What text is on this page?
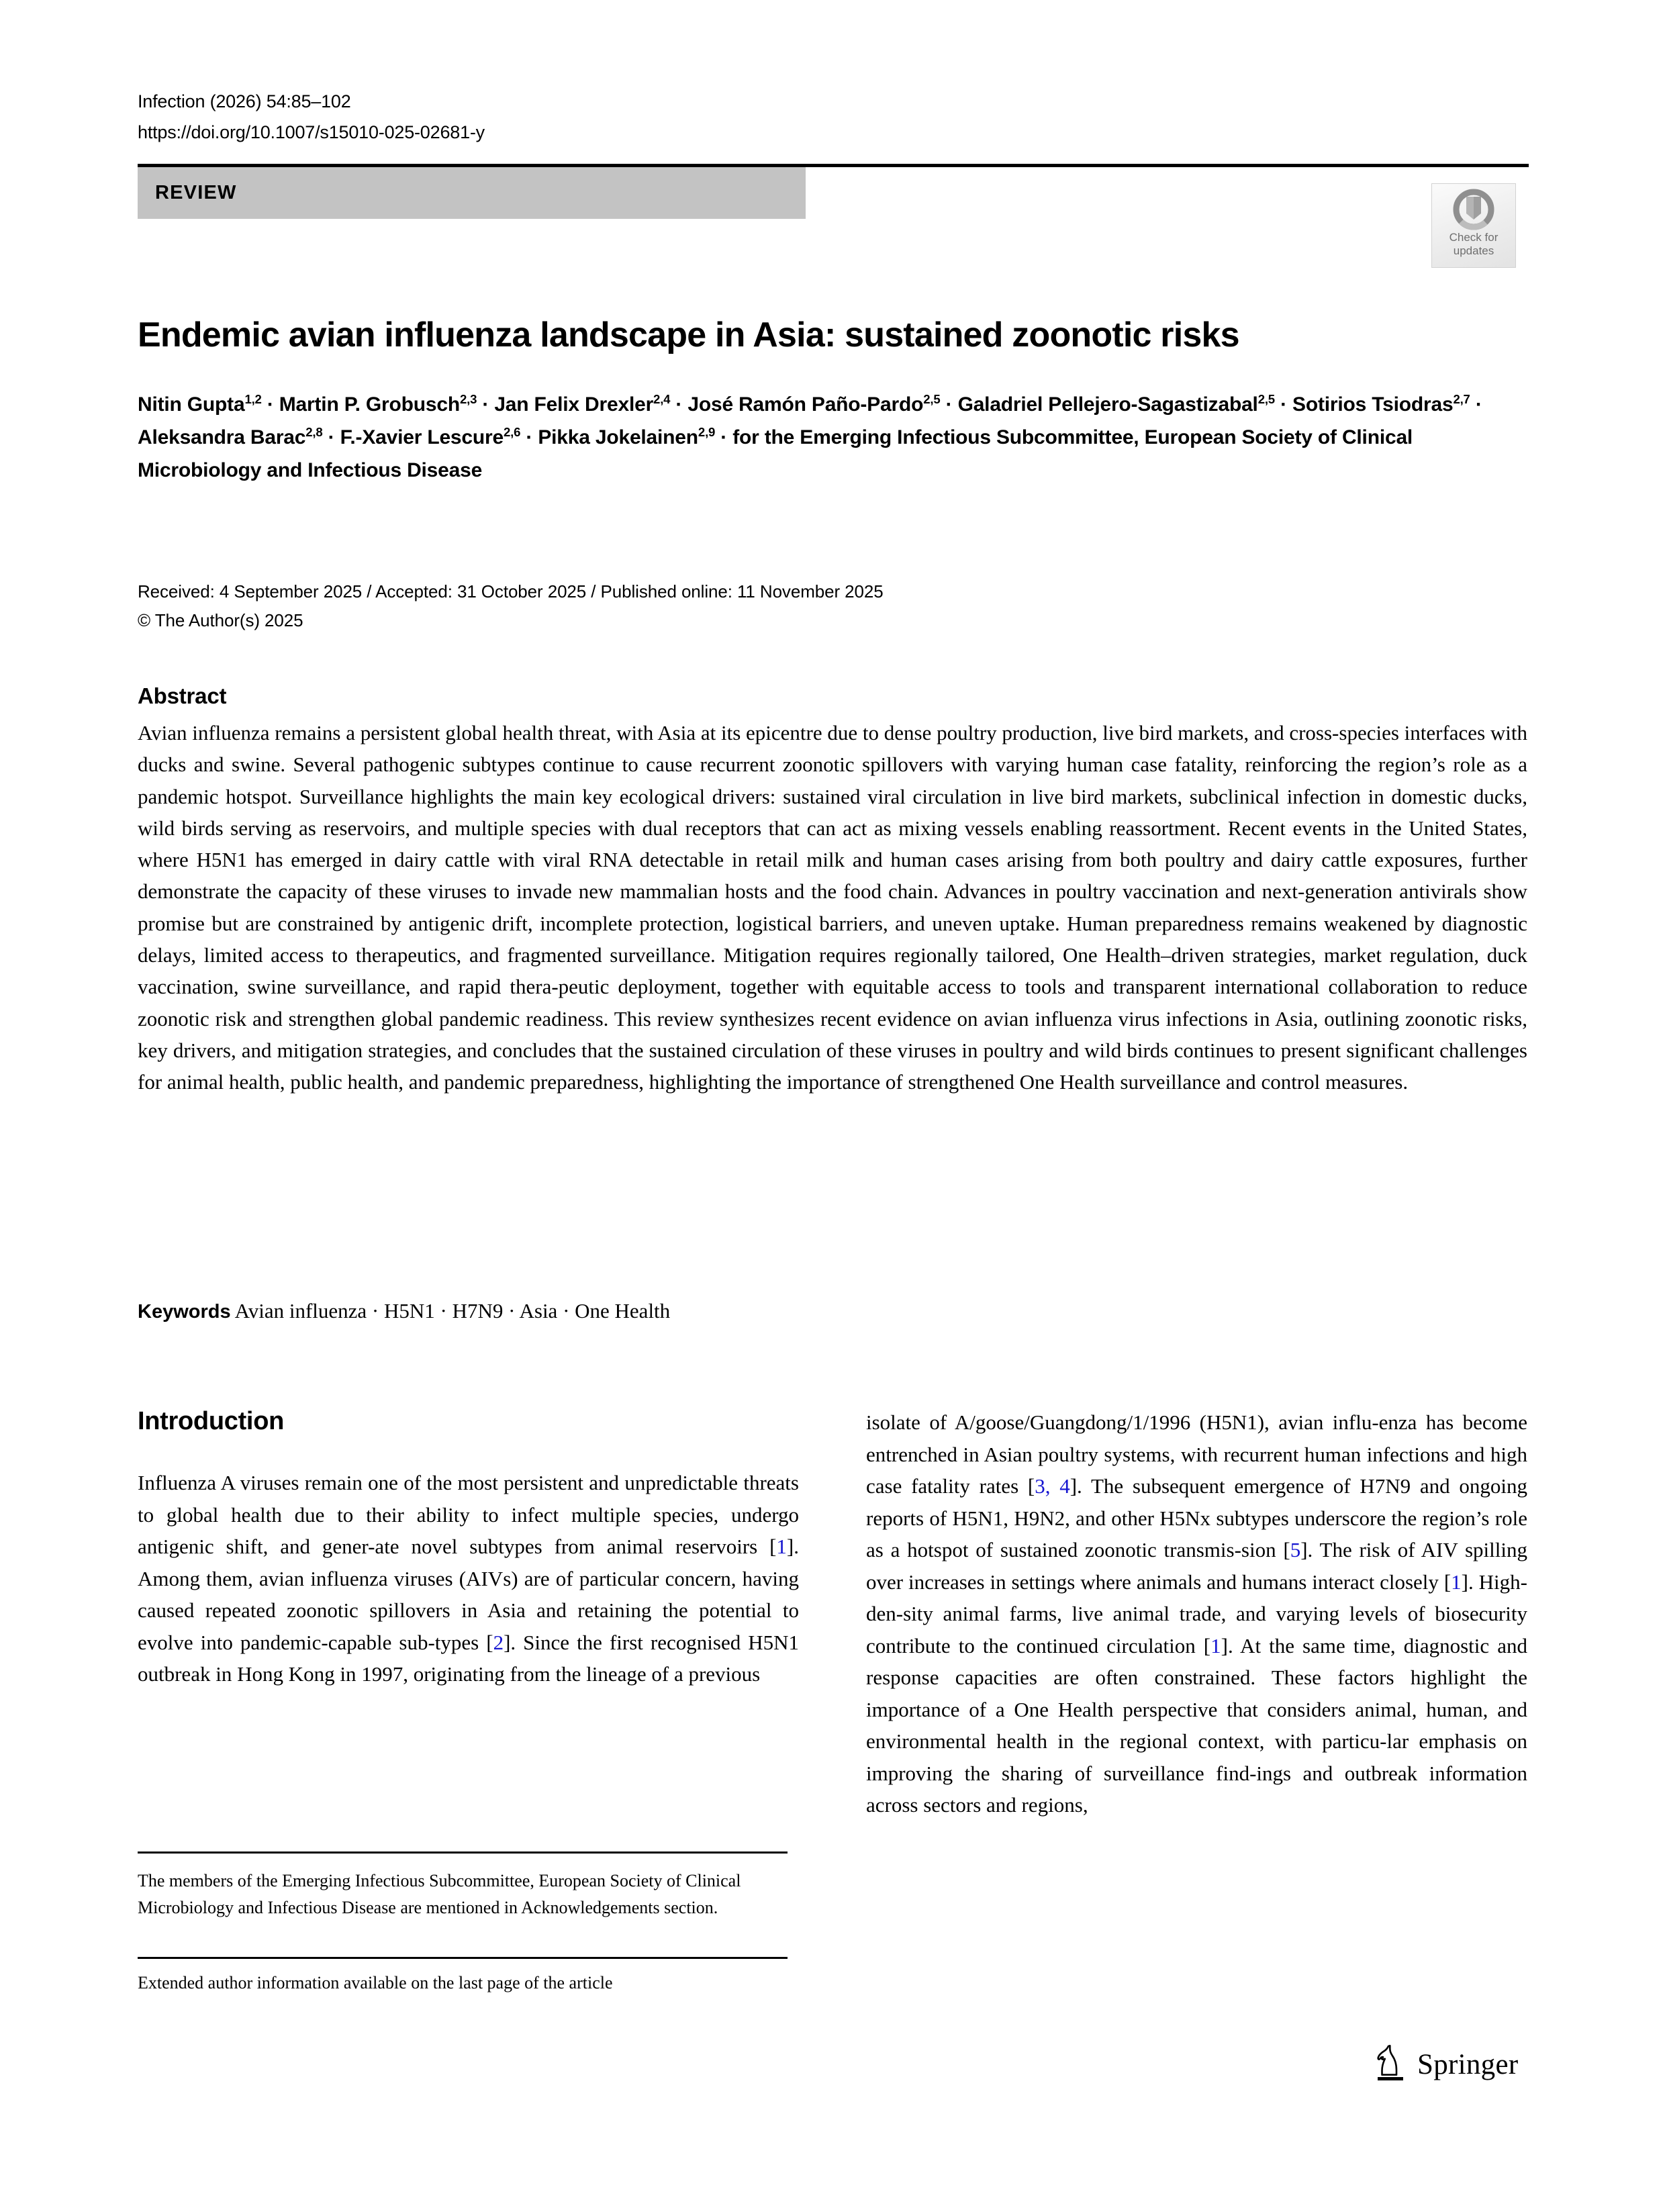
Infection (2026) 54:85–102
https://doi.org/10.1007/s15010-025-02681-y
REVIEW
Check for
updates
Endemic avian influenza landscape in Asia: sustained zoonotic risks
Nitin Gupta$^{1,2}$ · Martin P. Grobusch$^{2,3}$ · Jan Felix Drexler$^{2,4}$ · José Ramón Paño-Pardo$^{2,5}$ · Galadriel Pellejero-Sagastizabal$^{2,5}$ · Sotirios Tsiodras$^{2,7}$ · Aleksandra Barac$^{2,8}$ · F.-Xavier Lescure$^{2,6}$ · Pikka Jokelainen$^{2,9}$ · for the Emerging Infectious Subcommittee, European Society of Clinical Microbiology and Infectious Disease
Received: 4 September 2025 / Accepted: 31 October 2025 / Published online: 11 November 2025
© The Author(s) 2025
Abstract
Avian influenza remains a persistent global health threat, with Asia at its epicentre due to dense poultry production, live bird markets, and cross-species interfaces with ducks and swine. Several pathogenic subtypes continue to cause recurrent zoonotic spillovers with varying human case fatality, reinforcing the region’s role as a pandemic hotspot. Surveillance highlights the main key ecological drivers: sustained viral circulation in live bird markets, subclinical infection in domestic ducks, wild birds serving as reservoirs, and multiple species with dual receptors that can act as mixing vessels enabling reassortment. Recent events in the United States, where H5N1 has emerged in dairy cattle with viral RNA detectable in retail milk and human cases arising from both poultry and dairy cattle exposures, further demonstrate the capacity of these viruses to invade new mammalian hosts and the food chain. Advances in poultry vaccination and next-generation antivirals show promise but are constrained by antigenic drift, incomplete protection, logistical barriers, and uneven uptake. Human preparedness remains weakened by diagnostic delays, limited access to therapeutics, and fragmented surveillance. Mitigation requires regionally tailored, One Health–driven strategies, market regulation, duck vaccination, swine surveillance, and rapid thera-peutic deployment, together with equitable access to tools and transparent international collaboration to reduce zoonotic risk and strengthen global pandemic readiness. This review synthesizes recent evidence on avian influenza virus infections in Asia, outlining zoonotic risks, key drivers, and mitigation strategies, and concludes that the sustained circulation of these viruses in poultry and wild birds continues to present significant challenges for animal health, public health, and pandemic preparedness, highlighting the importance of strengthened One Health surveillance and control measures.
Keywords Avian influenza · H5N1 · H7N9 · Asia · One Health
Introduction

Influenza A viruses remain one of the most persistent and unpredictable threats to global health due to their ability to infect multiple species, undergo antigenic shift, and gener-ate novel subtypes from animal reservoirs [1]. Among them, avian influenza viruses (AIVs) are of particular concern, having caused repeated zoonotic spillovers in Asia and retaining the potential to evolve into pandemic-capable sub-types [2]. Since the first recognised H5N1 outbreak in Hong Kong in 1997, originating from the lineage of a previous

isolate of A/goose/Guangdong/1/1996 (H5N1), avian influ-enza has become entrenched in Asian poultry systems, with recurrent human infections and high case fatality rates [3, 4]. The subsequent emergence of H7N9 and ongoing reports of H5N1, H9N2, and other H5Nx subtypes underscore the region’s role as a hotspot of sustained zoonotic transmis-sion [5]. The risk of AIV spilling over increases in settings where animals and humans interact closely [1]. High-den-sity animal farms, live animal trade, and varying levels of biosecurity contribute to the continued circulation [1]. At the same time, diagnostic and response capacities are often constrained. These factors highlight the importance of a One Health perspective that considers animal, human, and environmental health in the regional context, with particu-lar emphasis on improving the sharing of surveillance find-ings and outbreak information across sectors and regions,

The members of the Emerging Infectious Subcommittee, European Society of Clinical Microbiology and Infectious Disease are mentioned in Acknowledgements section.
Extended author information available on the last page of the article
Springer
